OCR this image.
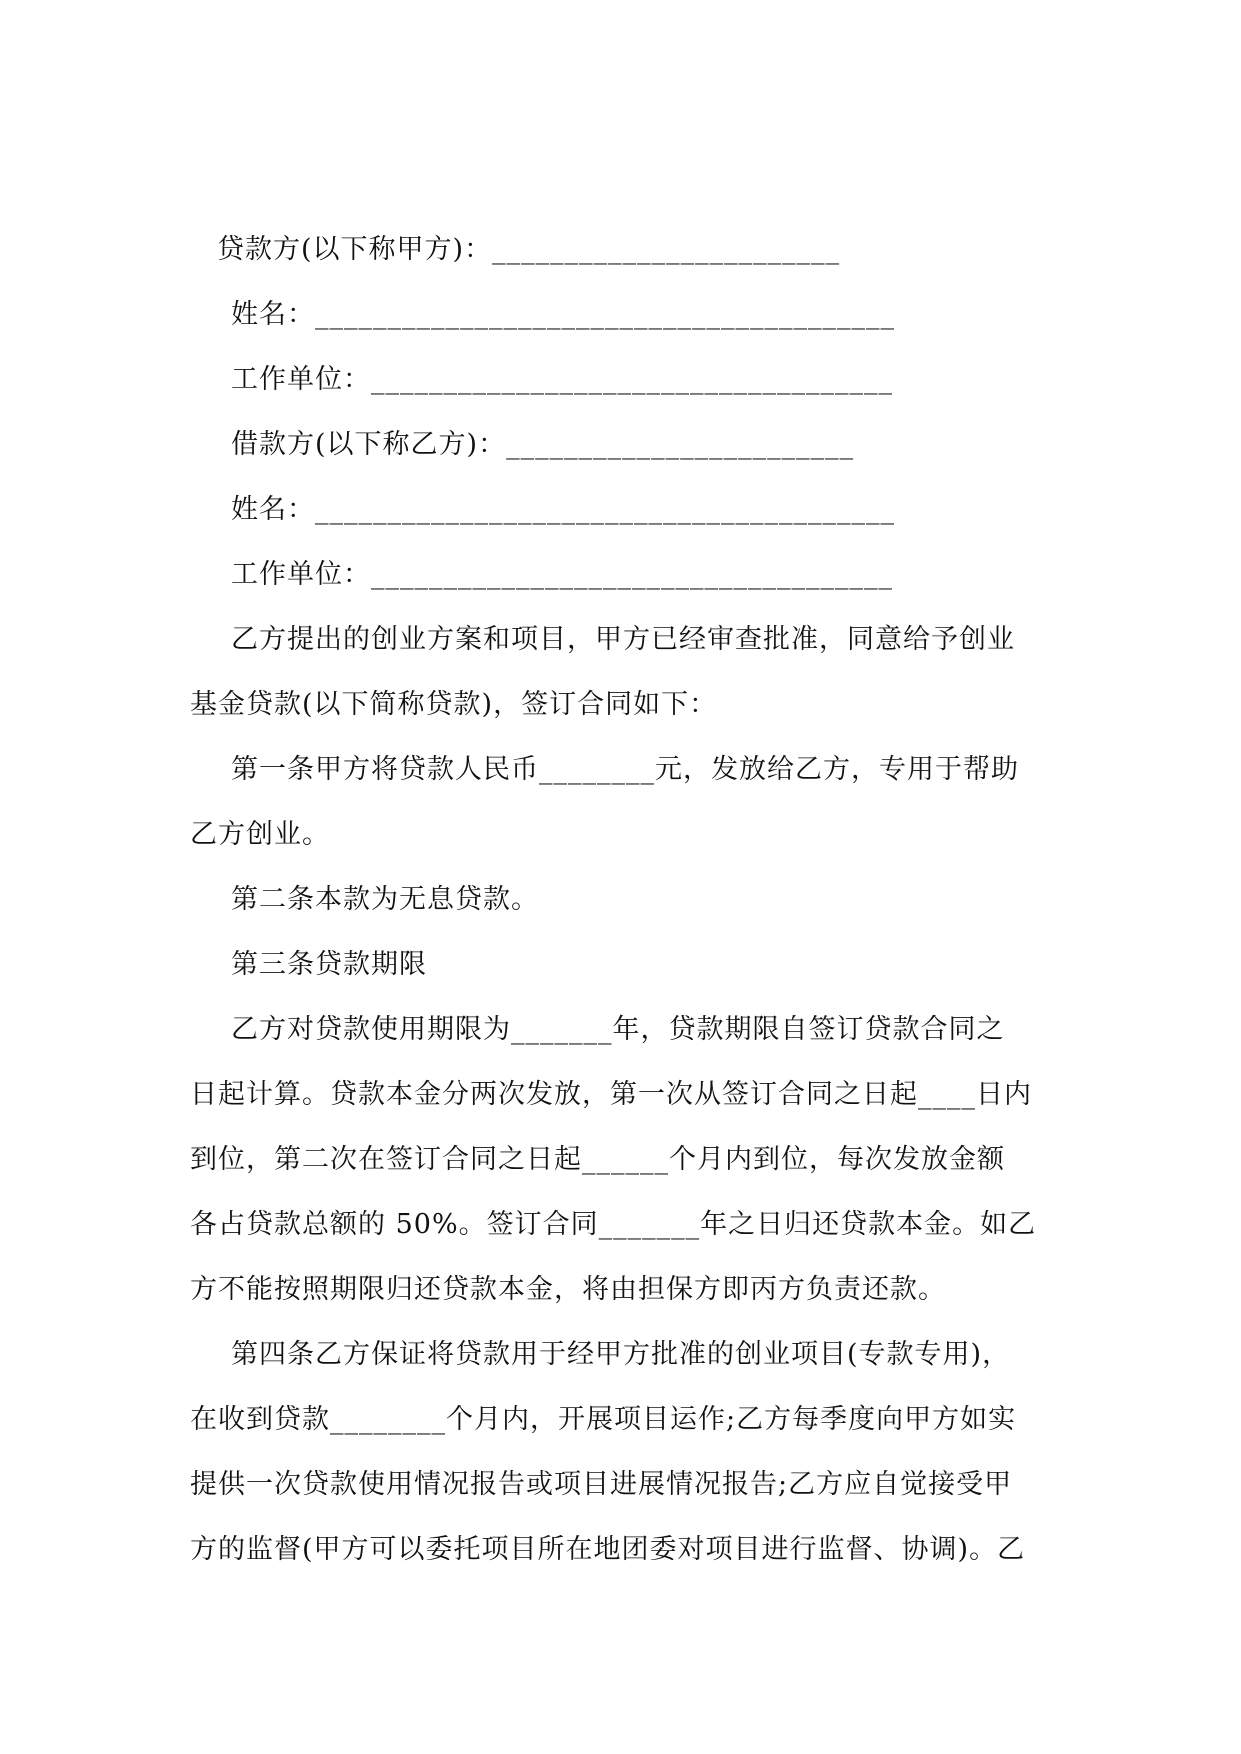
贷款方(以下称甲方)：________________________
姓名：________________________________________
工作单位：____________________________________
借款方(以下称乙方)：________________________
姓名：________________________________________
工作单位：____________________________________
乙方提出的创业方案和项目，甲方已经审查批准，同意给予创业
基金贷款(以下简称贷款)，签订合同如下：
第一条甲方将贷款人民币________元，发放给乙方，专用于帮助
乙方创业。
第二条本款为无息贷款。
第三条贷款期限
乙方对贷款使用期限为_______年，贷款期限自签订贷款合同之
日起计算。贷款本金分两次发放，第一次从签订合同之日起____日内
到位，第二次在签订合同之日起______个月内到位，每次发放金额
各占贷款总额的 50%。签订合同_______年之日归还贷款本金。如乙
方不能按照期限归还贷款本金，将由担保方即丙方负责还款。
第四条乙方保证将贷款用于经甲方批准的创业项目(专款专用)，
在收到贷款________个月内，开展项目运作;乙方每季度向甲方如实
提供一次贷款使用情况报告或项目进展情况报告;乙方应自觉接受甲
方的监督(甲方可以委托项目所在地团委对项目进行监督、协调)。乙
